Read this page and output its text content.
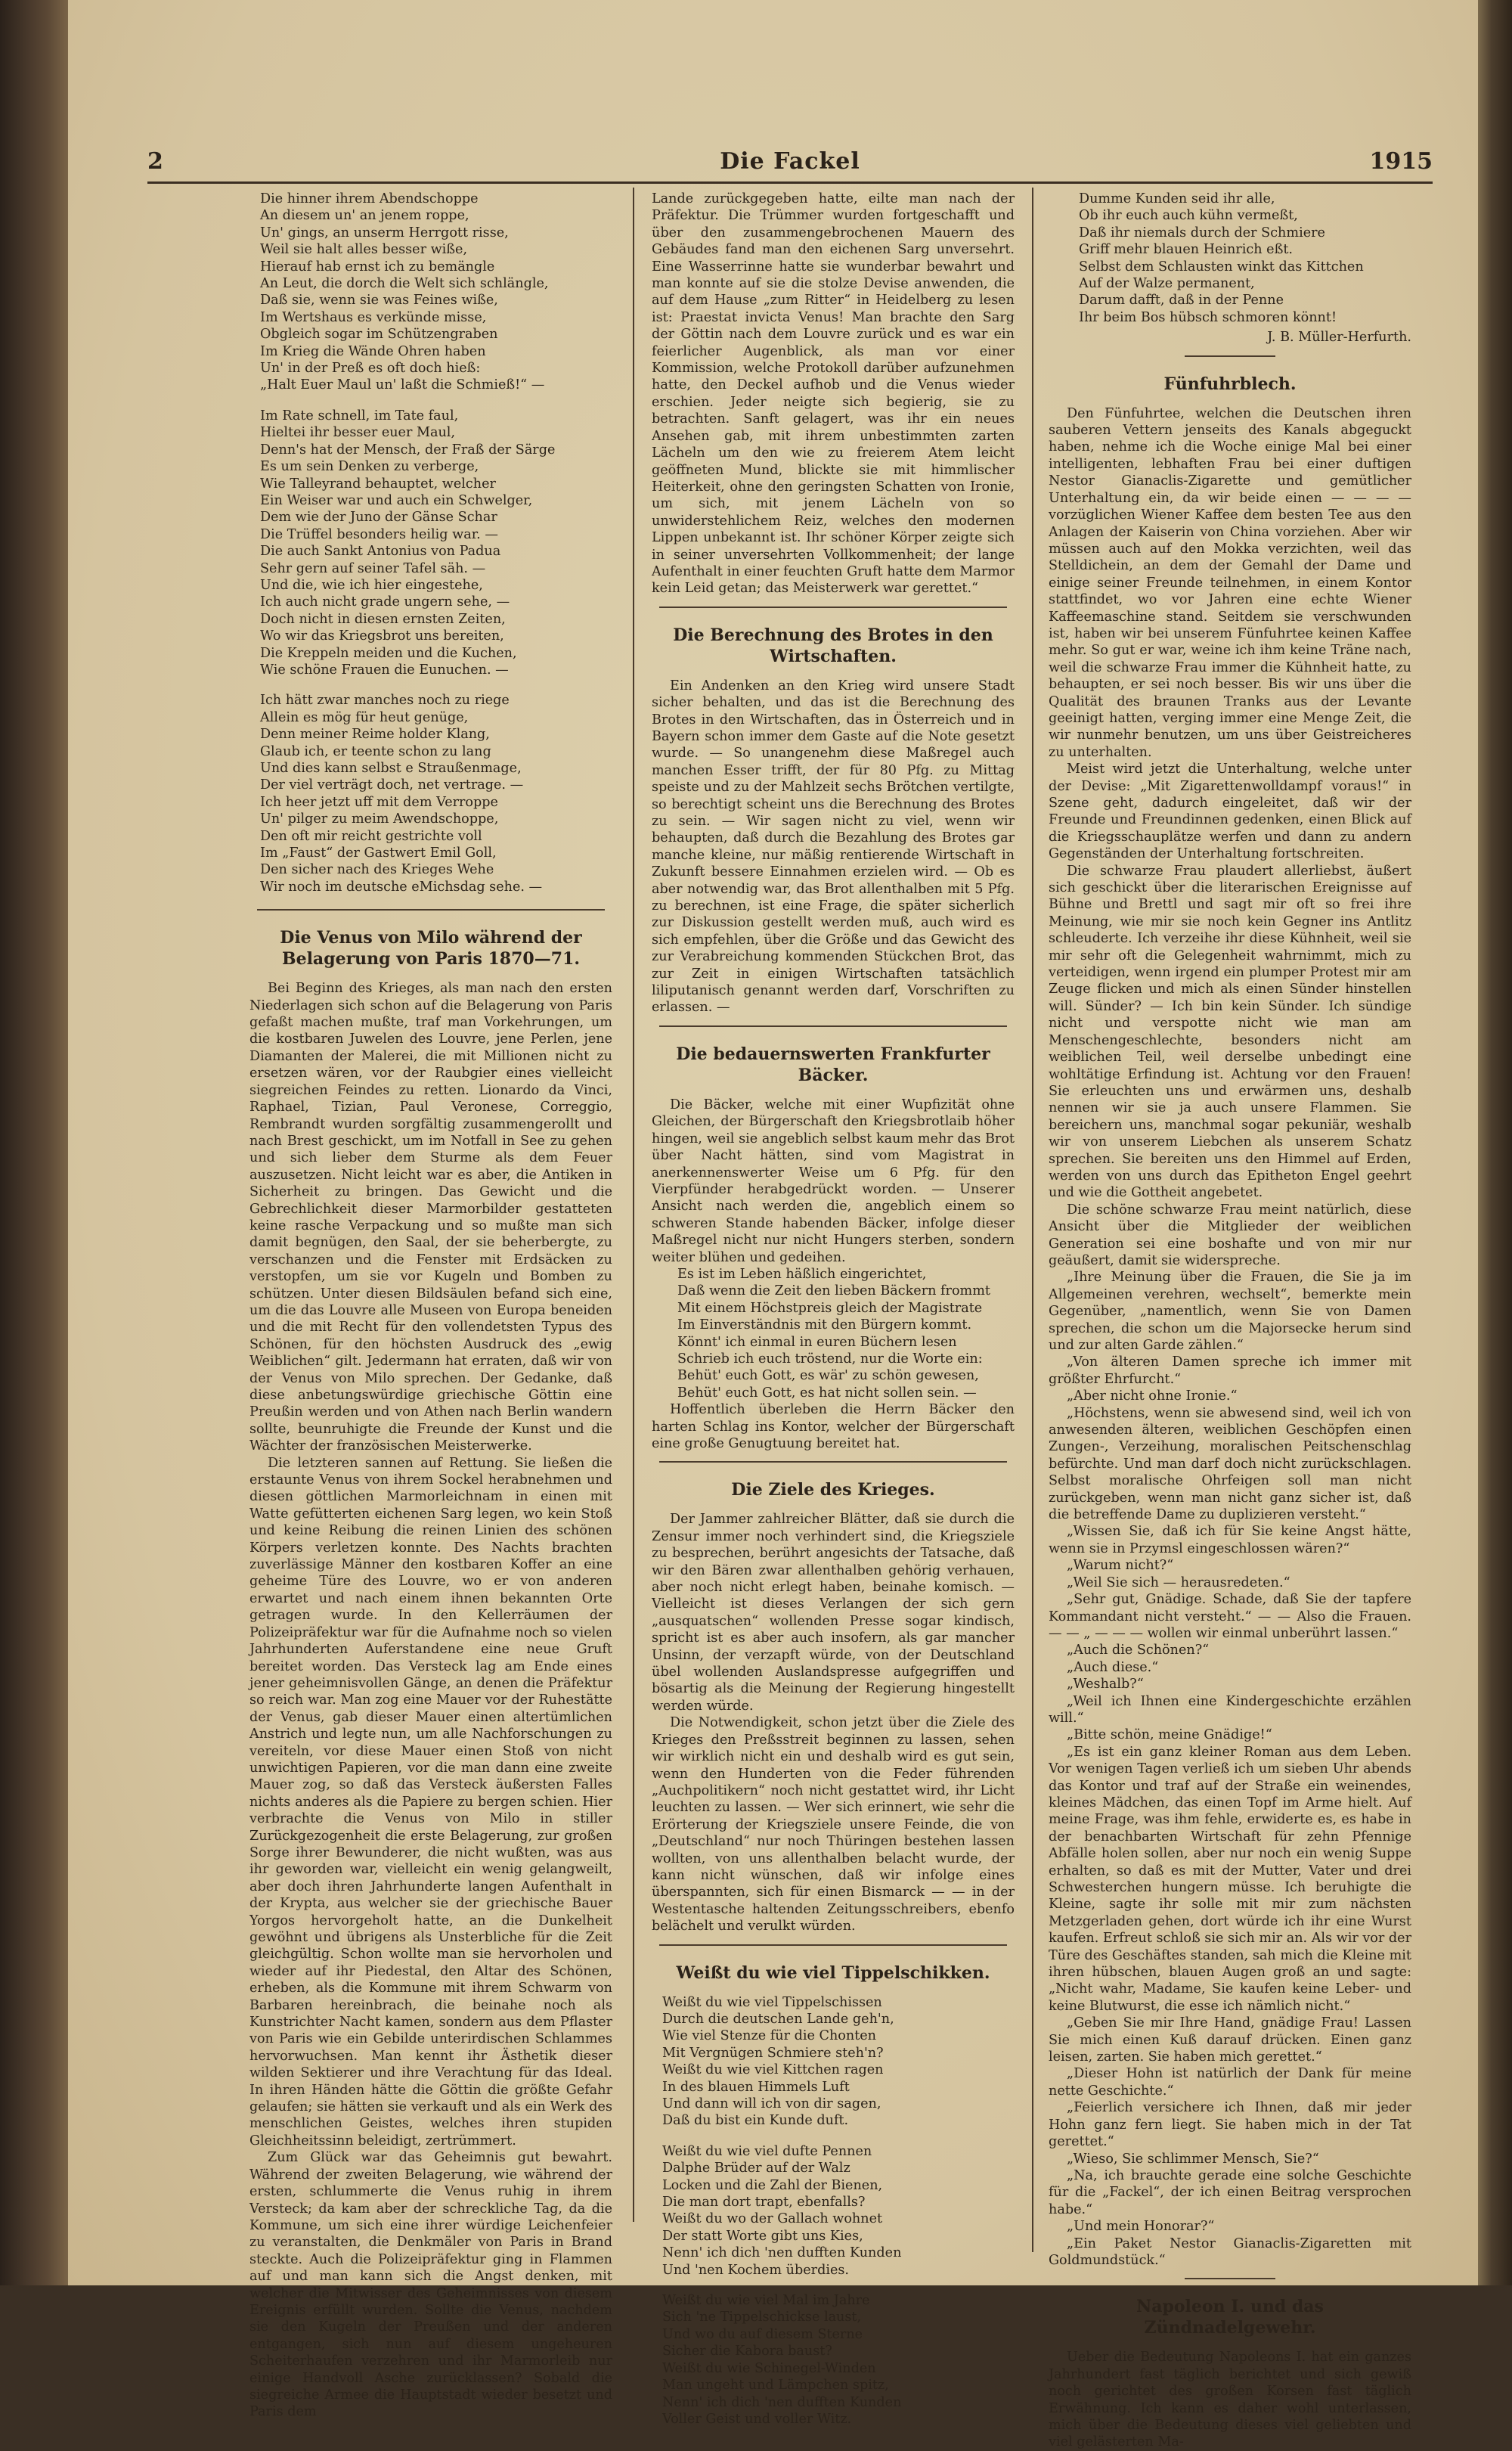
2	Die Fackel	1915
Die hinner ihrem Abendschoppe
An diesem un' an jenem roppe,
Un' gings, an unserm Herrgott risse,
Weil sie halt alles besser wiße,
Hierauf hab ernst ich zu bemängle
An Leut, die dorch die Welt sich schlängle,
Daß sie, wenn sie was Feines wiße,
Im Wertshaus es verkünde misse,
Obgleich sogar im Schützengraben
Im Krieg die Wände Ohren haben
Un' in der Preß es oft doch hieß:
„Halt Euer Maul un' laßt die Schmieß!“ —
Im Rate schnell, im Tate faul,
Hieltei ihr besser euer Maul,
Denn's hat der Mensch, der Fraß der Särge
Es um sein Denken zu verberge,
Wie Talleyrand behauptet, welcher
Ein Weiser war und auch ein Schwelger,
Dem wie der Juno der Gänse Schar
Die Trüffel besonders heilig war. —
Die auch Sankt Antonius von Padua
Sehr gern auf seiner Tafel säh. —
Und die, wie ich hier eingestehe,
Ich auch nicht grade ungern sehe, —
Doch nicht in diesen ernsten Zeiten,
Wo wir das Kriegsbrot uns bereiten,
Die Kreppeln meiden und die Kuchen,
Wie schöne Frauen die Eunuchen. —
Ich hätt zwar manches noch zu riege
Allein es mög für heut genüge,
Denn meiner Reime holder Klang,
Glaub ich, er teente schon zu lang
Und dies kann selbst e Straußenmage,
Der viel verträgt doch, net vertrage. —
Ich heer jetzt uff mit dem Verroppe
Un' pilger zu meim Awendschoppe,
Den oft mir reicht gestrichte voll
Im „Faust“ der Gastwert Emil Goll,
Den sicher nach des Krieges Wehe
Wir noch im deutsche eMichsdag sehe. —
Die Venus von Milo während der Belagerung von Paris 1870—71.

Bei Beginn des Krieges, als man nach den ersten Niederlagen sich schon auf die Belagerung von Paris gefaßt machen mußte, traf man Vorkehrungen, um die kostbaren Juwelen des Louvre, jene Perlen, jene Diamanten der Malerei, die mit Millionen nicht zu ersetzen wären, vor der Raubgier eines vielleicht siegreichen Feindes zu retten. Lionardo da Vinci, Raphael, Tizian, Paul Veronese, Correggio, Rembrandt wurden sorgfältig zusammengerollt und nach Brest geschickt, um im Notfall in See zu gehen und sich lieber dem Sturme als dem Feuer auszusetzen. Nicht leicht war es aber, die Antiken in Sicherheit zu bringen. Das Gewicht und die Gebrechlichkeit dieser Marmorbilder gestatteten keine rasche Verpackung und so mußte man sich damit begnügen, den Saal, der sie beherbergte, zu verschanzen und die Fenster mit Erdsäcken zu verstopfen, um sie vor Kugeln und Bomben zu schützen. Unter diesen Bildsäulen befand sich eine, um die das Louvre alle Museen von Europa beneiden und die mit Recht für den vollendetsten Typus des Schönen, für den höchsten Ausdruck des „ewig Weiblichen“ gilt. Jedermann hat erraten, daß wir von der Venus von Milo sprechen. Der Gedanke, daß diese anbetungswürdige griechische Göttin eine Preußin werden und von Athen nach Berlin wandern sollte, beunruhigte die Freunde der Kunst und die Wächter der französischen Meisterwerke.

Die letzteren sannen auf Rettung. Sie ließen die erstaunte Venus von ihrem Sockel herabnehmen und diesen göttlichen Marmorleichnam in einen mit Watte gefütterten eichenen Sarg legen, wo kein Stoß und keine Reibung die reinen Linien des schönen Körpers verletzen konnte. Des Nachts brachten zuverlässige Männer den kostbaren Koffer an eine geheime Türe des Louvre, wo er von anderen erwartet und nach einem ihnen bekannten Orte getragen wurde. In den Kellerräumen der Polizeipräfektur war für die Aufnahme noch so vielen Jahrhunderten Auferstandene eine neue Gruft bereitet worden. Das Versteck lag am Ende eines jener geheimnisvollen Gänge, an denen die Präfektur so reich war. Man zog eine Mauer vor der Ruhestätte der Venus, gab dieser Mauer einen altertümlichen Anstrich und legte nun, um alle Nachforschungen zu vereiteln, vor diese Mauer einen Stoß von nicht unwichtigen Papieren, vor die man dann eine zweite Mauer zog, so daß das Versteck äußersten Falles nichts anderes als die Papiere zu bergen schien. Hier verbrachte die Venus von Milo in stiller Zurückgezogenheit die erste Belagerung, zur großen Sorge ihrer Bewunderer, die nicht wußten, was aus ihr geworden war, vielleicht ein wenig gelangweilt, aber doch ihren Jahrhunderte langen Aufenthalt in der Krypta, aus welcher sie der griechische Bauer Yorgos hervorgeholt hatte, an die Dunkelheit gewöhnt und übrigens als Unsterbliche für die Zeit gleichgültig. Schon wollte man sie hervorholen und wieder auf ihr Piedestal, den Altar des Schönen, erheben, als die Kommune mit ihrem Schwarm von Barbaren hereinbrach, die beinahe noch als Kunstrichter Nacht kamen, sondern aus dem Pflaster von Paris wie ein Gebilde unterirdischen Schlammes hervorwuchsen. Man kennt ihr Ästhetik dieser wilden Sektierer und ihre Verachtung für das Ideal. In ihren Händen hätte die Göttin die größte Gefahr gelaufen; sie hätten sie verkauft und als ein Werk des menschlichen Geistes, welches ihren stupiden Gleichheitssinn beleidigt, zertrümmert.

Zum Glück war das Geheimnis gut bewahrt. Während der zweiten Belagerung, wie während der ersten, schlummerte die Venus ruhig in ihrem Versteck; da kam aber der schreckliche Tag, da die Kommune, um sich eine ihrer würdige Leichenfeier zu veranstalten, die Denkmäler von Paris in Brand steckte. Auch die Polizeipräfektur ging in Flammen auf und man kann sich die Angst denken, mit welcher die Mitwisser des Geheimnisses von diesem Ereignis erfüllt wurden. Sollte die Venus, nachdem sie den Kugeln der Preußen und der anderen entgangen, sich nun auf diesem ungeheuren Scheiterhaufen verzehren und ihr Marmorleib nur einige Handvoll Asche zurücklassen? Sobald die siegreiche Armee die Hauptstadt wieder besetzt und Paris dem

Lande zurückgegeben hatte, eilte man nach der Präfektur. Die Trümmer wurden fortgeschafft und über den zusammengebrochenen Mauern des Gebäudes fand man den eichenen Sarg unversehrt. Eine Wasserrinne hatte sie wunderbar bewahrt und man konnte auf sie die stolze Devise anwenden, die auf dem Hause „zum Ritter“ in Heidelberg zu lesen ist: Praestat invicta Venus! Man brachte den Sarg der Göttin nach dem Louvre zurück und es war ein feierlicher Augenblick, als man vor einer Kommission, welche Protokoll darüber aufzunehmen hatte, den Deckel aufhob und die Venus wieder erschien. Jeder neigte sich begierig, sie zu betrachten. Sanft gelagert, was ihr ein neues Ansehen gab, mit ihrem unbestimmten zarten Lächeln um den wie zu freierem Atem leicht geöffneten Mund, blickte sie mit himmlischer Heiterkeit, ohne den geringsten Schatten von Ironie, um sich, mit jenem Lächeln von so unwiderstehlichem Reiz, welches den modernen Lippen unbekannt ist. Ihr schöner Körper zeigte sich in seiner unversehrten Vollkommenheit; der lange Aufenthalt in einer feuchten Gruft hatte dem Marmor kein Leid getan; das Meisterwerk war gerettet.“

Die Berechnung des Brotes in den Wirtschaften.

Ein Andenken an den Krieg wird unsere Stadt sicher behalten, und das ist die Berechnung des Brotes in den Wirtschaften, das in Österreich und in Bayern schon immer dem Gaste auf die Note gesetzt wurde. — So unangenehm diese Maßregel auch manchen Esser trifft, der für 80 Pfg. zu Mittag speiste und zu der Mahlzeit sechs Brötchen vertilgte, so berechtigt scheint uns die Berechnung des Brotes zu sein. — Wir sagen nicht zu viel, wenn wir behaupten, daß durch die Bezahlung des Brotes gar manche kleine, nur mäßig rentierende Wirtschaft in Zukunft bessere Einnahmen erzielen wird. — Ob es aber notwendig war, das Brot allenthalben mit 5 Pfg. zu berechnen, ist eine Frage, die später sicherlich zur Diskussion gestellt werden muß, auch wird es sich empfehlen, über die Größe und das Gewicht des zur Verabreichung kommenden Stückchen Brot, das zur Zeit in einigen Wirtschaften tatsächlich liliputanisch genannt werden darf, Vorschriften zu erlassen. —

Die bedauernswerten Frankfurter Bäcker.

Die Bäcker, welche mit einer Wupfizität ohne Gleichen, der Bürgerschaft den Kriegsbrotlaib höher hingen, weil sie angeblich selbst kaum mehr das Brot über Nacht hätten, sind vom Magistrat in anerkennenswerter Weise um 6 Pfg. für den Vierpfünder herabgedrückt worden. — Unserer Ansicht nach werden die, angeblich einem so schweren Stande habenden Bäcker, infolge dieser Maßregel nicht nur nicht Hungers sterben, sondern weiter blühen und gedeihen.

Es ist im Leben häßlich eingerichtet,
Daß wenn die Zeit den lieben Bäckern frommt
Mit einem Höchstpreis gleich der Magistrate
Im Einverständnis mit den Bürgern kommt.
Könnt' ich einmal in euren Büchern lesen
Schrieb ich euch tröstend, nur die Worte ein:
Behüt' euch Gott, es wär' zu schön gewesen,
Behüt' euch Gott, es hat nicht sollen sein. —

Hoffentlich überleben die Herrn Bäcker den harten Schlag ins Kontor, welcher der Bürgerschaft eine große Genugtuung bereitet hat.

Die Ziele des Krieges.

Der Jammer zahlreicher Blätter, daß sie durch die Zensur immer noch verhindert sind, die Kriegsziele zu besprechen, berührt angesichts der Tatsache, daß wir den Bären zwar allenthalben gehörig verhauen, aber noch nicht erlegt haben, beinahe komisch. — Vielleicht ist dieses Verlangen der sich gern „ausquatschen“ wollenden Presse sogar kindisch, spricht ist es aber auch insofern, als gar mancher Unsinn, der verzapft würde, von der Deutschland übel wollenden Auslandspresse aufgegriffen und bösartig als die Meinung der Regierung hingestellt werden würde.

Die Notwendigkeit, schon jetzt über die Ziele des Krieges den Preßsstreit beginnen zu lassen, sehen wir wirklich nicht ein und deshalb wird es gut sein, wenn den Hunderten von die Feder führenden „Auchpolitikern“ noch nicht gestattet wird, ihr Licht leuchten zu lassen. — Wer sich erinnert, wie sehr die Erörterung der Kriegsziele unsere Feinde, die von „Deutschland“ nur noch Thüringen bestehen lassen wollten, von uns allenthalben belacht wurde, der kann nicht wünschen, daß wir infolge eines überspannten, sich für einen Bismarck — — in der Westentasche haltenden Zeitungsschreibers, ebenfo belächelt und verulkt würden.

Weißt du wie viel Tippelschikken.
Weißt du wie viel Tippelschissen
Durch die deutschen Lande geh'n,
Wie viel Stenze für die Chonten
Mit Vergnügen Schmiere steh'n?
Weißt du wie viel Kittchen ragen
In des blauen Himmels Luft
Und dann will ich von dir sagen,
Daß du bist ein Kunde duft.
Weißt du wie viel dufte Pennen
Dalphe Brüder auf der Walz
Locken und die Zahl der Bienen,
Die man dort trapt, ebenfalls?
Weißt du wo der Gallach wohnet
Der statt Worte gibt uns Kies,
Nenn' ich dich 'nen dufften Kunden
Und 'nen Kochem überdies.
Weißt du wie viel Mal im Jahre
Sich 'ne Tippelschickse laust,
Und wo du auf diesem Sterne
Sicher die Kabora baust?
Weißt du wie Schinegel-Winden
Man ungeht und Lämpchen spitz,
Nenn' ich dich 'nen dufften Kunden
Voller Geist und voller Witz.
Dumme Kunden seid ihr alle,
Ob ihr euch auch kühn vermeßt,
Daß ihr niemals durch der Schmiere
Griff mehr blauen Heinrich eßt.
Selbst dem Schlausten winkt das Kittchen
Auf der Walze permanent,
Darum dafft, daß in der Penne
Ihr beim Bos hübsch schmoren könnt!
J. B. Müller-Herfurth.
Fünfuhrblech.

Den Fünfuhrtee, welchen die Deutschen ihren sauberen Vettern jenseits des Kanals abgeguckt haben, nehme ich die Woche einige Mal bei einer intelligenten, lebhaften Frau bei einer duftigen Nestor Gianaclis-Zigarette und gemütlicher Unterhaltung ein, da wir beide einen — — — — vorzüglichen Wiener Kaffee dem besten Tee aus den Anlagen der Kaiserin von China vorziehen. Aber wir müssen auch auf den Mokka verzichten, weil das Stelldichein, an dem der Gemahl der Dame und einige seiner Freunde teilnehmen, in einem Kontor stattfindet, wo vor Jahren eine echte Wiener Kaffeemaschine stand. Seitdem sie verschwunden ist, haben wir bei unserem Fünfuhrtee keinen Kaffee mehr. So gut er war, weine ich ihm keine Träne nach, weil die schwarze Frau immer die Kühnheit hatte, zu behaupten, er sei noch besser. Bis wir uns über die Qualität des braunen Tranks aus der Levante geeinigt hatten, verging immer eine Menge Zeit, die wir nunmehr benutzen, um uns über Geistreicheres zu unterhalten.

Meist wird jetzt die Unterhaltung, welche unter der Devise: „Mit Zigarettenwolldampf voraus!“ in Szene geht, dadurch eingeleitet, daß wir der Freunde und Freundinnen gedenken, einen Blick auf die Kriegsschauplätze werfen und dann zu andern Gegenständen der Unterhaltung fortschreiten.

Die schwarze Frau plaudert allerliebst, äußert sich geschickt über die literarischen Ereignisse auf Bühne und Brettl und sagt mir oft so frei ihre Meinung, wie mir sie noch kein Gegner ins Antlitz schleuderte. Ich verzeihe ihr diese Kühnheit, weil sie mir sehr oft die Gelegenheit wahrnimmt, mich zu verteidigen, wenn irgend ein plumper Protest mir am Zeuge flicken und mich als einen Sünder hinstellen will. Sünder? — Ich bin kein Sünder. Ich sündige nicht und verspotte nicht wie man am Menschengeschlechte, besonders nicht am weiblichen Teil, weil derselbe unbedingt eine wohltätige Erfindung ist. Achtung vor den Frauen! Sie erleuchten uns und erwärmen uns, deshalb nennen wir sie ja auch unsere Flammen. Sie bereichern uns, manchmal sogar pekuniär, weshalb wir von unserem Liebchen als unserem Schatz sprechen. Sie bereiten uns den Himmel auf Erden, werden von uns durch das Epitheton Engel geehrt und wie die Gottheit angebetet.

Die schöne schwarze Frau meint natürlich, diese Ansicht über die Mitglieder der weiblichen Generation sei eine boshafte und von mir nur geäußert, damit sie widerspreche.

„Ihre Meinung über die Frauen, die Sie ja im Allgemeinen verehren, wechselt“, bemerkte mein Gegenüber, „namentlich, wenn Sie von Damen sprechen, die schon um die Majorsecke herum sind und zur alten Garde zählen.“

„Von älteren Damen spreche ich immer mit größter Ehrfurcht.“

„Aber nicht ohne Ironie.“

„Höchstens, wenn sie abwesend sind, weil ich von anwesenden älteren, weiblichen Geschöpfen einen Zungen-, Verzeihung, moralischen Peitschenschlag befürchte. Und man darf doch nicht zurückschlagen. Selbst moralische Ohrfeigen soll man nicht zurückgeben, wenn man nicht ganz sicher ist, daß die betreffende Dame zu duplizieren versteht.“

„Wissen Sie, daß ich für Sie keine Angst hätte, wenn sie in Przymsl eingeschlossen wären?“

„Warum nicht?“

„Weil Sie sich — herausredeten.“

„Sehr gut, Gnädige. Schade, daß Sie der tapfere Kommandant nicht versteht.“ — — Also die Frauen. — — „ — — — wollen wir einmal unberührt lassen.“

„Auch die Schönen?“

„Auch diese.“

„Weshalb?“

„Weil ich Ihnen eine Kindergeschichte erzählen will.“

„Bitte schön, meine Gnädige!“

„Es ist ein ganz kleiner Roman aus dem Leben. Vor wenigen Tagen verließ ich um sieben Uhr abends das Kontor und traf auf der Straße ein weinendes, kleines Mädchen, das einen Topf im Arme hielt. Auf meine Frage, was ihm fehle, erwiderte es, es habe in der benachbarten Wirtschaft für zehn Pfennige Abfälle holen sollen, aber nur noch ein wenig Suppe erhalten, so daß es mit der Mutter, Vater und drei Schwesterchen hungern müsse. Ich beruhigte die Kleine, sagte ihr solle mit mir zum nächsten Metzgerladen gehen, dort würde ich ihr eine Wurst kaufen. Erfreut schloß sie sich mir an. Als wir vor der Türe des Geschäftes standen, sah mich die Kleine mit ihren hübschen, blauen Augen groß an und sagte: „Nicht wahr, Madame, Sie kaufen keine Leber- und keine Blutwurst, die esse ich nämlich nicht.“

„Geben Sie mir Ihre Hand, gnädige Frau! Lassen Sie mich einen Kuß darauf drücken. Einen ganz leisen, zarten. Sie haben mich gerettet.“

„Dieser Hohn ist natürlich der Dank für meine nette Geschichte.“

„Feierlich versichere ich Ihnen, daß mir jeder Hohn ganz fern liegt. Sie haben mich in der Tat gerettet.“

„Wieso, Sie schlimmer Mensch, Sie?“

„Na, ich brauchte gerade eine solche Geschichte für die „Fackel“, der ich einen Beitrag versprochen habe.“

„Und mein Honorar?“

„Ein Paket Nestor Gianaclis-Zigaretten mit Goldmundstück.“

Napoleon I. und das Zündnadelgewehr.

Ueber die Bedeutung Napoleons I. hat ein ganzes Jahrhundert fast täglich berichtet und sich gewiß noch gerichtet des großen Korsen fast täglich Erwähnung. Ich kann es daher wohl unterlassen, mich über die Bedeutung dieses viel geliebten und viel gelästerten Ma-
